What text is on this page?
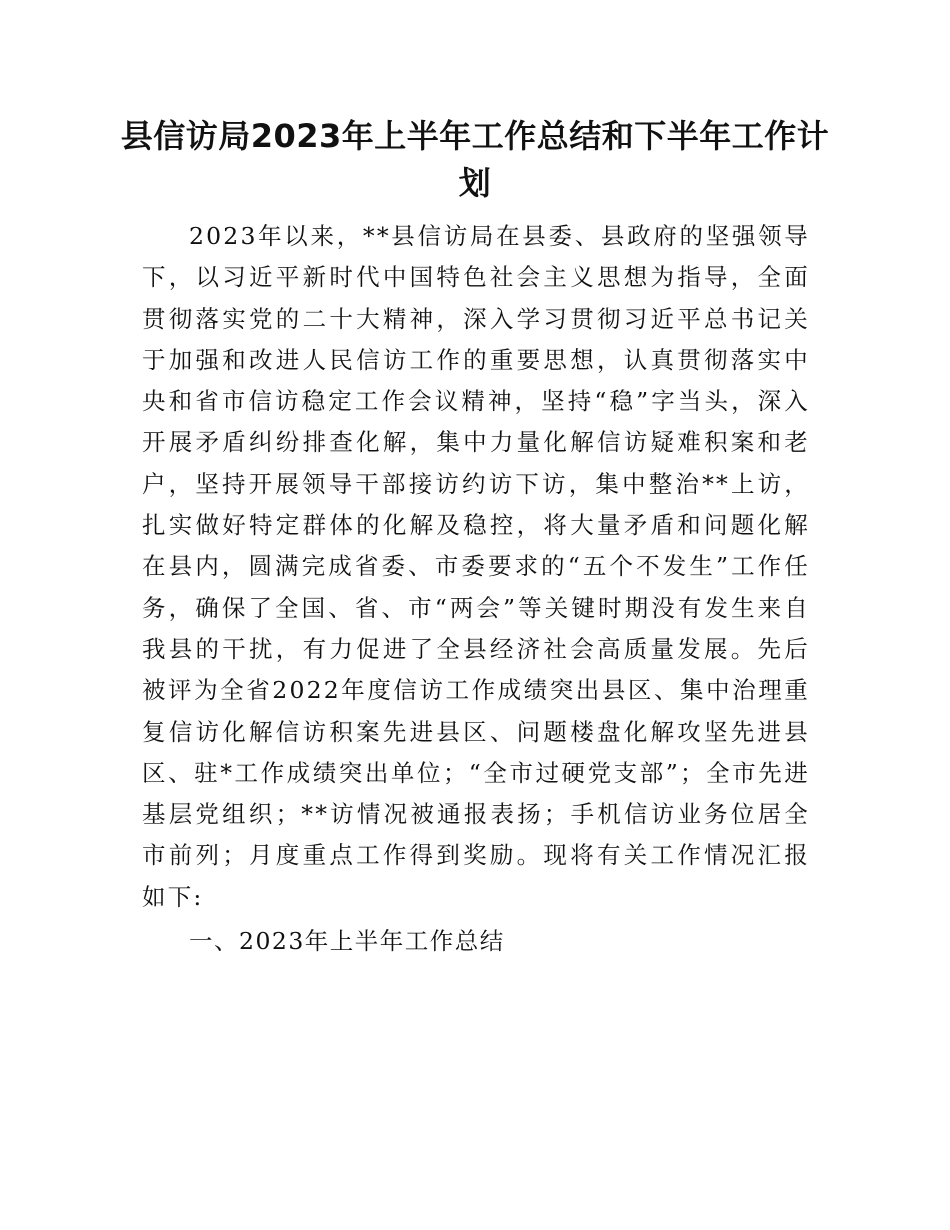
县信访局2023年上半年工作总结和下半年工作计划

2023年以来，**县信访局在县委、县政府的坚强领导下，以习近平新时代中国特色社会主义思想为指导，全面贯彻落实党的二十大精神，深入学习贯彻习近平总书记关于加强和改进人民信访工作的重要思想，认真贯彻落实中央和省市信访稳定工作会议精神，坚持“稳”字当头，深入开展矛盾纠纷排查化解，集中力量化解信访疑难积案和老户，坚持开展领导干部接访约访下访，集中整治**上访，扎实做好特定群体的化解及稳控，将大量矛盾和问题化解在县内，圆满完成省委、市委要求的“五个不发生”工作任务，确保了全国、省、市“两会”等关键时期没有发生来自我县的干扰，有力促进了全县经济社会高质量发展。先后被评为全省2022年度信访工作成绩突出县区、集中治理重复信访化解信访积案先进县区、问题楼盘化解攻坚先进县区、驻*工作成绩突出单位；“全市过硬党支部”；全市先进基层党组织；**访情况被通报表扬；手机信访业务位居全市前列；月度重点工作得到奖励。现将有关工作情况汇报如下:

一、2023年上半年工作总结
